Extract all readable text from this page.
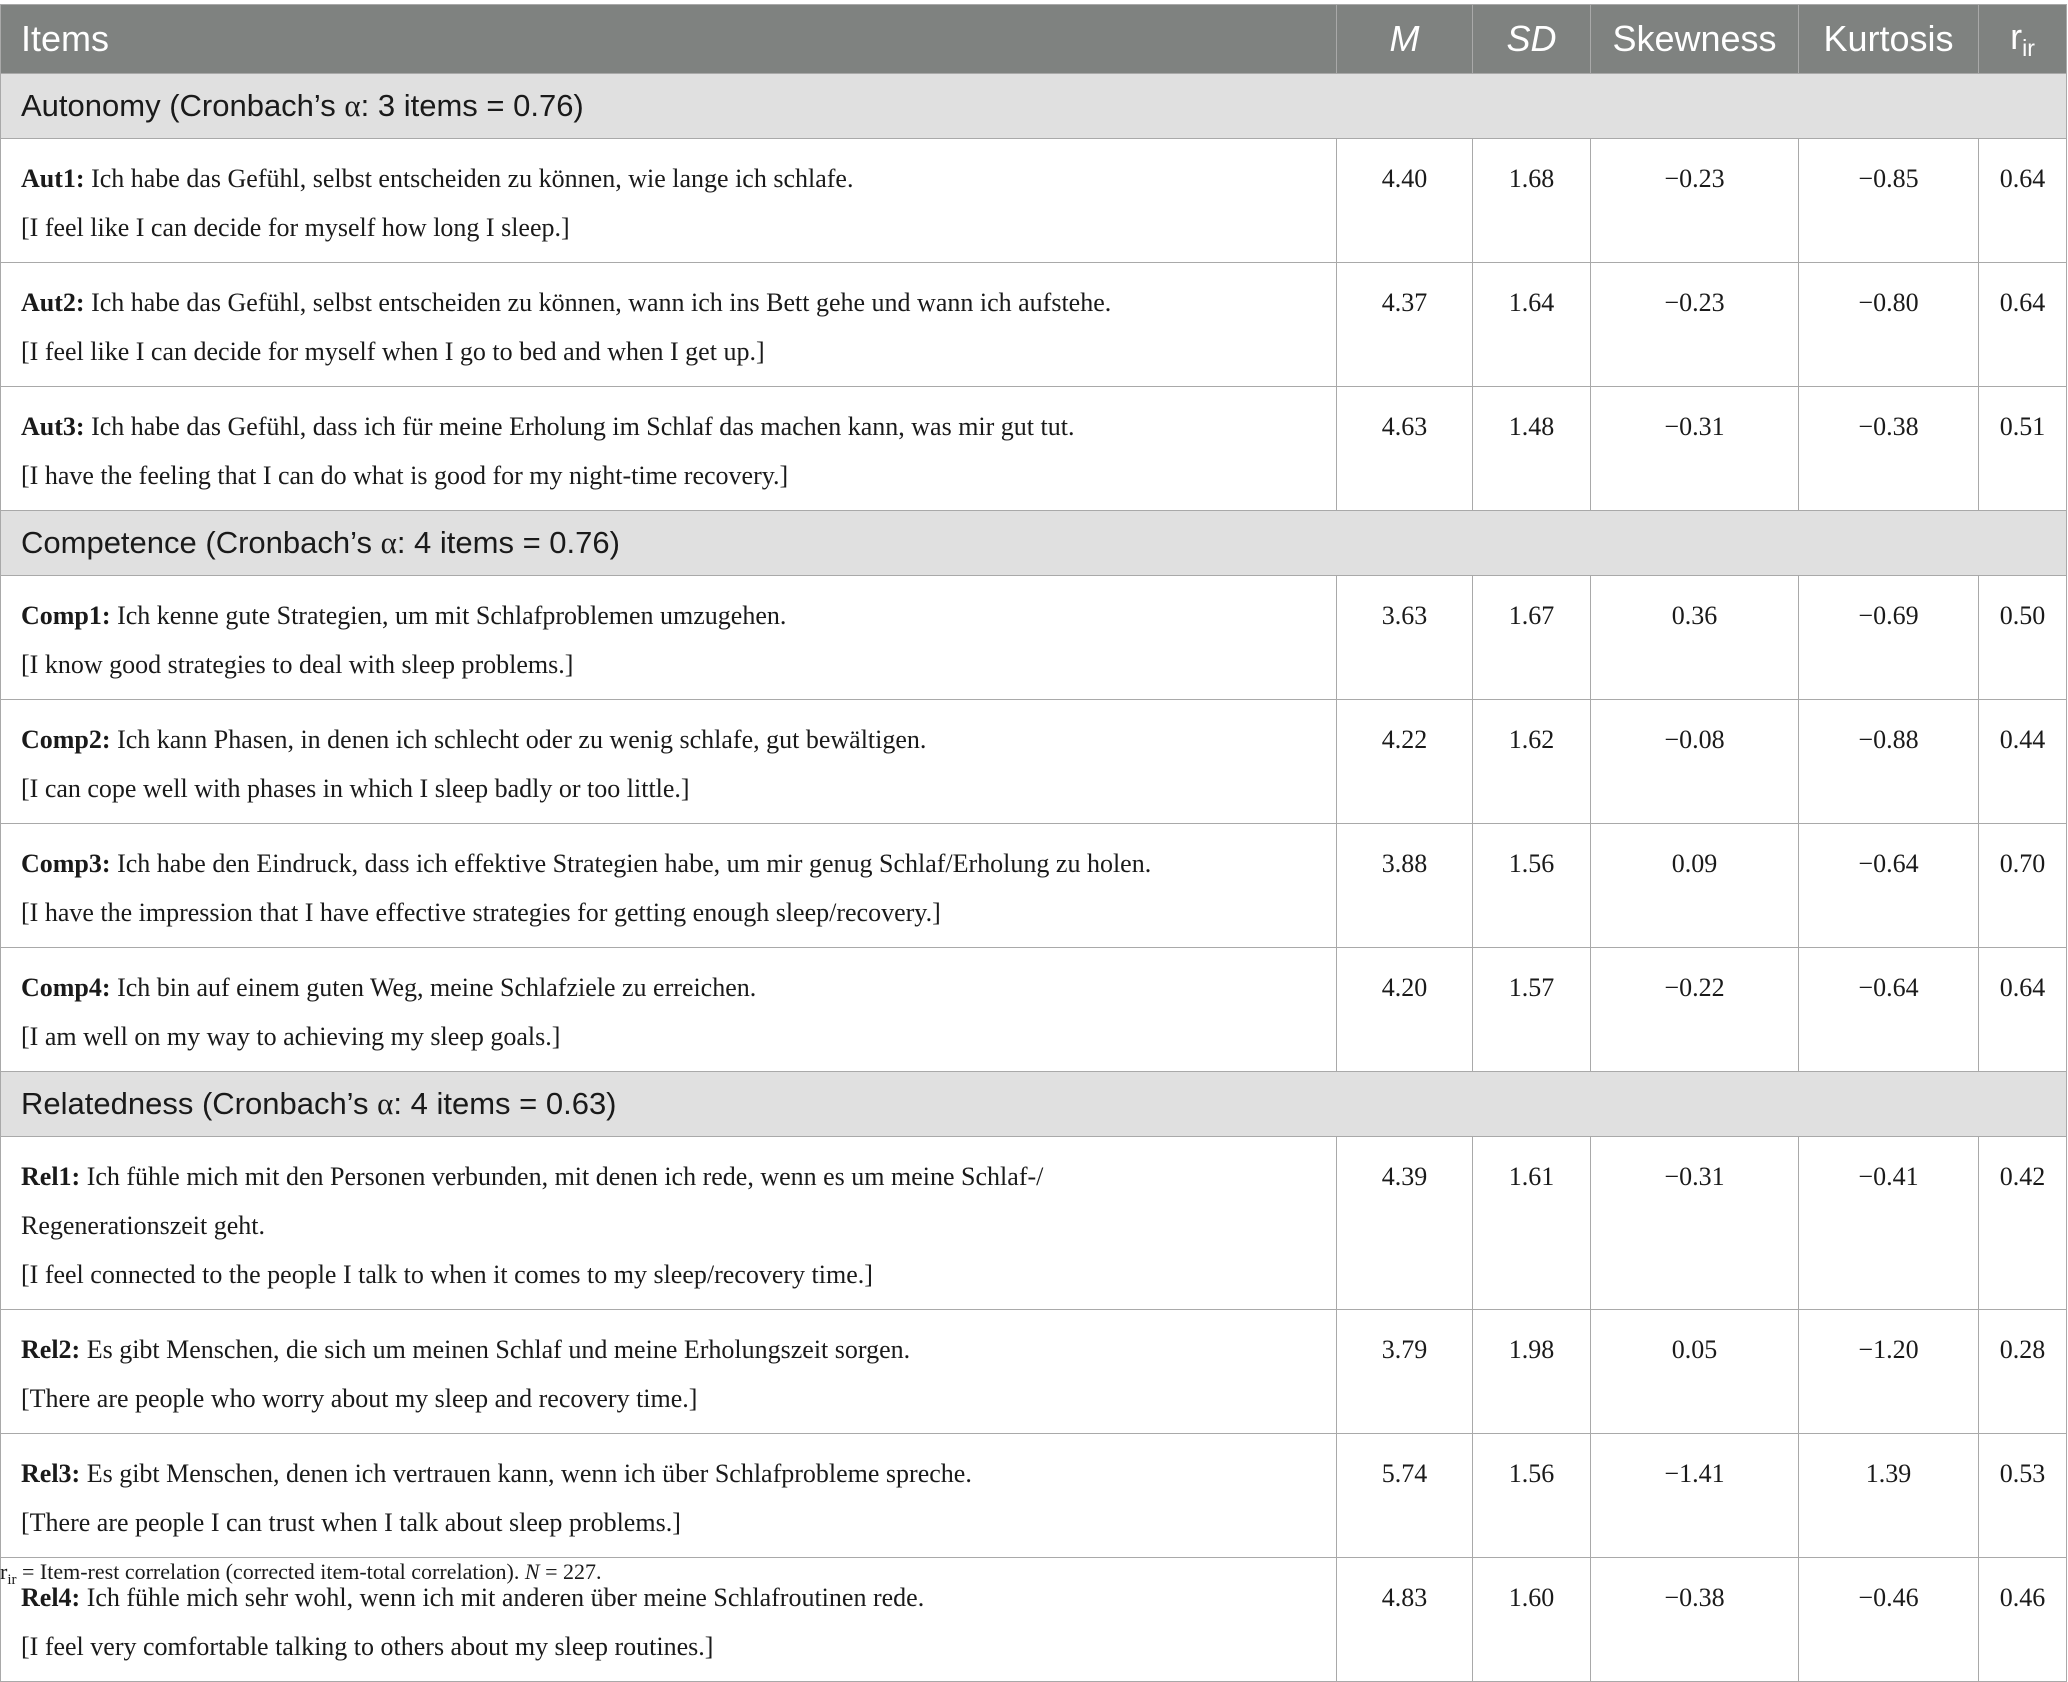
Items	M	SD	Skewness	Kurtosis	$r_{ir}$
Autonomy (Cronbach’s α: 3 items = 0.76)					

Aut1: Ich habe das Gefühl, selbst entscheiden zu können, wie lange ich schlafe.
[I feel like I can decide for myself how long I sleep.]	4.40	1.68	−0.23	−0.85	0.64

Aut2: Ich habe das Gefühl, selbst entscheiden zu können, wann ich ins Bett gehe und wann ich aufstehe.
[I feel like I can decide for myself when I go to bed and when I get up.]	4.37	1.64	−0.23	−0.80	0.64

Aut3: Ich habe das Gefühl, dass ich für meine Erholung im Schlaf das machen kann, was mir gut tut.
[I have the feeling that I can do what is good for my night-time recovery.]	4.63	1.48	−0.31	−0.38	0.51
Competence (Cronbach’s α: 4 items = 0.76)					

Comp1: Ich kenne gute Strategien, um mit Schlafproblemen umzugehen.
[I know good strategies to deal with sleep problems.]	3.63	1.67	0.36	−0.69	0.50

Comp2: Ich kann Phasen, in denen ich schlecht oder zu wenig schlafe, gut bewältigen.
[I can cope well with phases in which I sleep badly or too little.]	4.22	1.62	−0.08	−0.88	0.44

Comp3: Ich habe den Eindruck, dass ich effektive Strategien habe, um mir genug Schlaf/Erholung zu holen.
[I have the impression that I have effective strategies for getting enough sleep/recovery.]	3.88	1.56	0.09	−0.64	0.70

Comp4: Ich bin auf einem guten Weg, meine Schlafziele zu erreichen.
[I am well on my way to achieving my sleep goals.]	4.20	1.57	−0.22	−0.64	0.64
Relatedness (Cronbach’s α: 4 items = 0.63)					

Rel1: Ich fühle mich mit den Personen verbunden, mit denen ich rede, wenn es um meine Schlaf-/
Regenerationszeit geht.
[I feel connected to the people I talk to when it comes to my sleep/recovery time.]	4.39	1.61	−0.31	−0.41	0.42

Rel2: Es gibt Menschen, die sich um meinen Schlaf und meine Erholungszeit sorgen.
[There are people who worry about my sleep and recovery time.]	3.79	1.98	0.05	−1.20	0.28

Rel3: Es gibt Menschen, denen ich vertrauen kann, wenn ich über Schlafprobleme spreche.
[There are people I can trust when I talk about sleep problems.]	5.74	1.56	−1.41	1.39	0.53

Rel4: Ich fühle mich sehr wohl, wenn ich mit anderen über meine Schlafroutinen rede.
[I feel very comfortable talking to others about my sleep routines.]	4.83	1.60	−0.38	−0.46	0.46
$r_{ir}$ = Item-rest correlation (corrected item-total correlation). N = 227.
